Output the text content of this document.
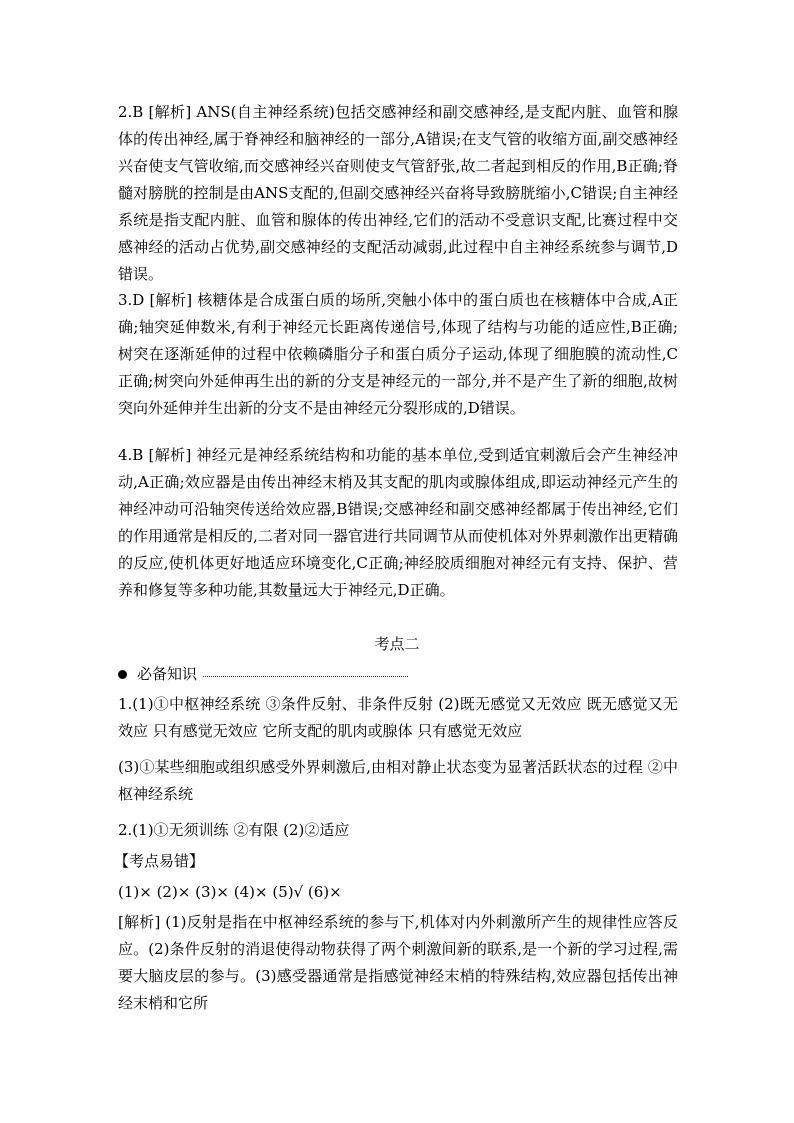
2.B [解析] ANS(自主神经系统)包括交感神经和副交感神经,是支配内脏、血管和腺体的传出神经,属于脊神经和脑神经的一部分,A错误;在支气管的收缩方面,副交感神经兴奋使支气管收缩,而交感神经兴奋则使支气管舒张,故二者起到相反的作用,B正确;脊髓对膀胱的控制是由ANS支配的,但副交感神经兴奋将导致膀胱缩小,C错误;自主神经系统是指支配内脏、血管和腺体的传出神经,它们的活动不受意识支配,比赛过程中交感神经的活动占优势,副交感神经的支配活动减弱,此过程中自主神经系统参与调节,D错误。
3.D [解析] 核糖体是合成蛋白质的场所,突触小体中的蛋白质也在核糖体中合成,A正确;轴突延伸数米,有利于神经元长距离传递信号,体现了结构与功能的适应性,B正确;树突在逐渐延伸的过程中依赖磷脂分子和蛋白质分子运动,体现了细胞膜的流动性,C正确;树突向外延伸再生出的新的分支是神经元的一部分,并不是产生了新的细胞,故树突向外延伸并生出新的分支不是由神经元分裂形成的,D错误。
4.B [解析] 神经元是神经系统结构和功能的基本单位,受到适宜刺激后会产生神经冲动,A正确;效应器是由传出神经末梢及其支配的肌肉或腺体组成,即运动神经元产生的神经冲动可沿轴突传送给效应器,B错误;交感神经和副交感神经都属于传出神经,它们的作用通常是相反的,二者对同一器官进行共同调节从而使机体对外界刺激作出更精确的反应,使机体更好地适应环境变化,C正确;神经胶质细胞对神经元有支持、保护、营养和修复等多种功能,其数量远大于神经元,D正确。
考点二
必备知识
1.(1)①中枢神经系统 ③条件反射、非条件反射 (2)既无感觉又无效应 既无感觉又无效应 只有感觉无效应 它所支配的肌肉或腺体 只有感觉无效应
(3)①某些细胞或组织感受外界刺激后,由相对静止状态变为显著活跃状态的过程 ②中枢神经系统
2.(1)①无须训练 ②有限 (2)②适应
【考点易错】
(1)× (2)× (3)× (4)× (5)√ (6)×
[解析] (1)反射是指在中枢神经系统的参与下,机体对内外刺激所产生的规律性应答反应。(2)条件反射的消退使得动物获得了两个刺激间新的联系,是一个新的学习过程,需要大脑皮层的参与。(3)感受器通常是指感觉神经末梢的特殊结构,效应器包括传出神经末梢和它所
